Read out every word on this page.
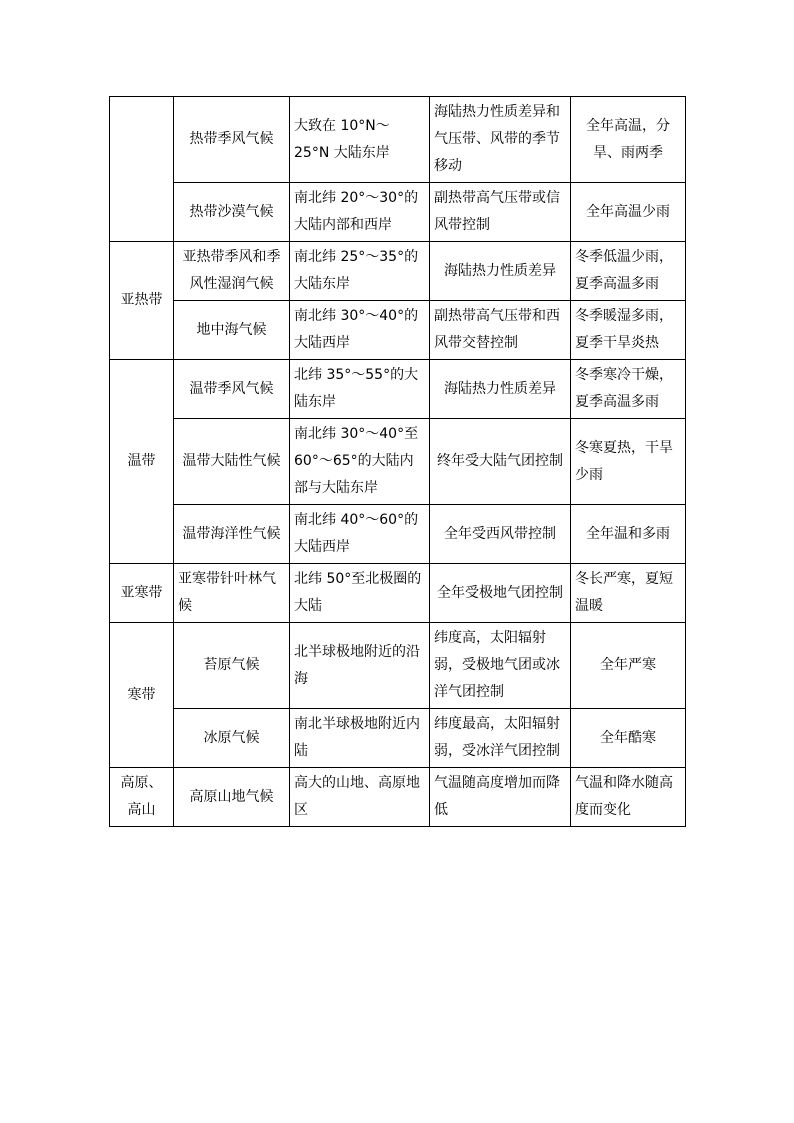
	热带季风气候	大致在 10°N～25°N 大陆东岸	海陆热力性质差异和气压带、风带的季节移动	全年高温，分旱、雨两季
	热带沙漠气候	南北纬 20°～30°的大陆内部和西岸	副热带高气压带或信风带控制	全年高温少雨
亚热带	亚热带季风和季风性湿润气候	南北纬 25°～35°的大陆东岸	海陆热力性质差异	冬季低温少雨，夏季高温多雨
	地中海气候	南北纬 30°～40°的大陆西岸	副热带高气压带和西风带交替控制	冬季暖湿多雨，夏季干旱炎热
温带	温带季风气候	北纬 35°～55°的大陆东岸	海陆热力性质差异	冬季寒冷干燥，夏季高温多雨
	温带大陆性气候	南北纬 30°～40°至 60°～65°的大陆内部与大陆东岸	终年受大陆气团控制	冬寒夏热，干旱少雨
	温带海洋性气候	南北纬 40°～60°的大陆西岸	全年受西风带控制	全年温和多雨
亚寒带	亚寒带针叶林气候	北纬 50°至北极圈的大陆	全年受极地气团控制	冬长严寒，夏短温暖
寒带	苔原气候	北半球极地附近的沿海	纬度高，太阳辐射弱，受极地气团或冰洋气团控制	全年严寒
	冰原气候	南北半球极地附近内陆	纬度最高，太阳辐射弱，受冰洋气团控制	全年酷寒
高原、高山	高原山地气候	高大的山地、高原地区	气温随高度增加而降低	气温和降水随高度而变化
